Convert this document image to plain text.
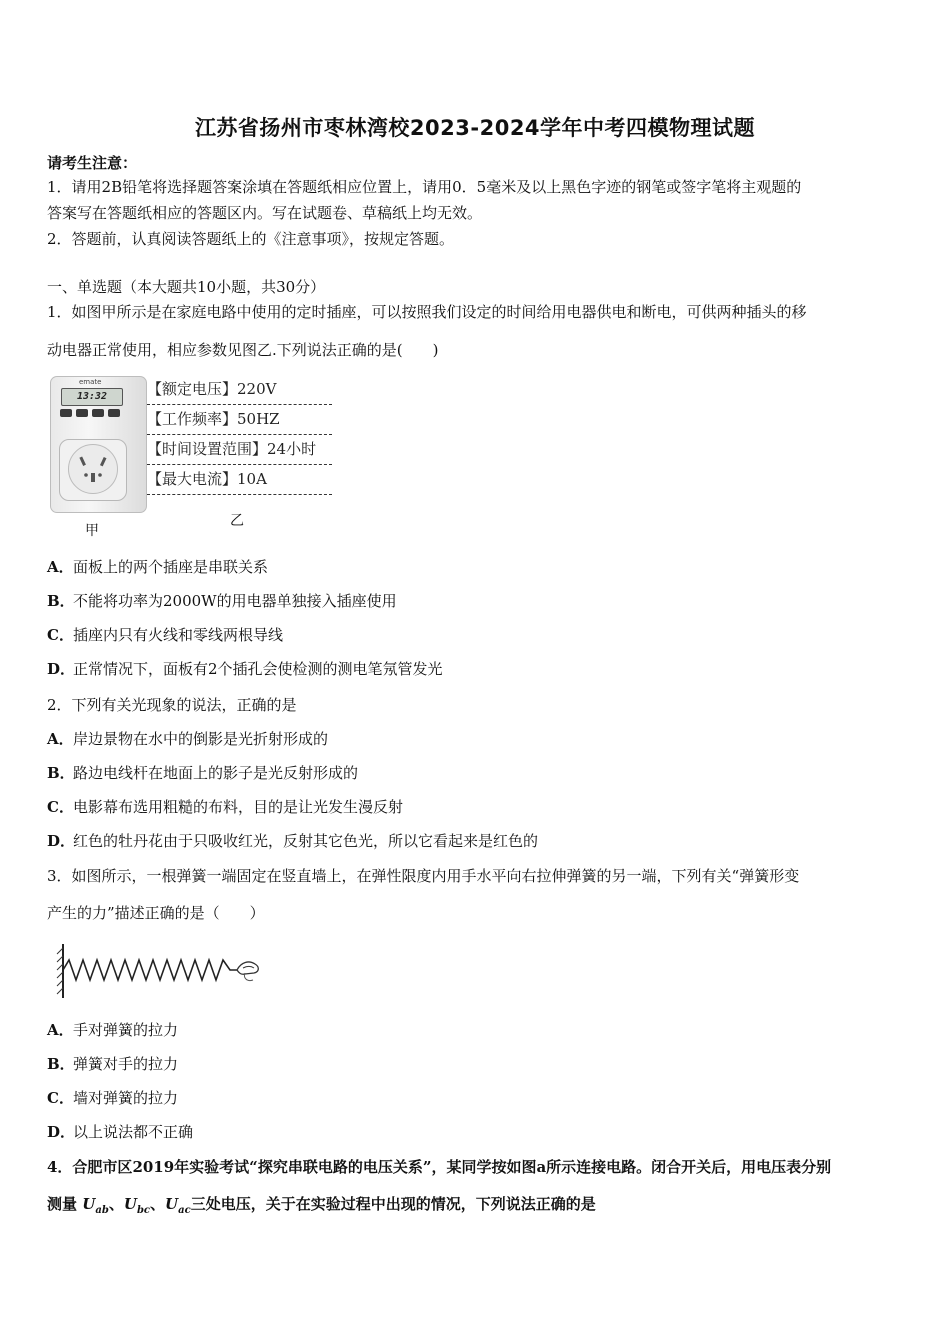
江苏省扬州市枣林湾校2023-2024学年中考四模物理试题
请考生注意：
1．请用2B铅笔将选择题答案涂填在答题纸相应位置上，请用0．5毫米及以上黑色字迹的钢笔或签字笔将主观题的
答案写在答题纸相应的答题区内。写在试题卷、草稿纸上均无效。
2．答题前，认真阅读答题纸上的《注意事项》，按规定答题。
一、单选题（本大题共10小题，共30分）
1．如图甲所示是在家庭电路中使用的定时插座，可以按照我们设定的时间给用电器供电和断电，可供两种插头的移
动电器正常使用，相应参数见图乙.下列说法正确的是(　　)
emate
13:32
甲
乙
【额定电压】220V
【工作频率】50HZ
【时间设置范围】24小时
【最大电流】10A
A．面板上的两个插座是串联关系
B．不能将功率为2000W的用电器单独接入插座使用
C．插座内只有火线和零线两根导线
D．正常情况下，面板有2个插孔会使检测的测电笔氖管发光
2．下列有关光现象的说法，正确的是
A．岸边景物在水中的倒影是光折射形成的
B．路边电线杆在地面上的影子是光反射形成的
C．电影幕布选用粗糙的布料，目的是让光发生漫反射
D．红色的牡丹花由于只吸收红光，反射其它色光，所以它看起来是红色的
3．如图所示，一根弹簧一端固定在竖直墙上，在弹性限度内用手水平向右拉伸弹簧的另一端，下列有关“弹簧形变
产生的力”描述正确的是（　　）
A．手对弹簧的拉力
B．弹簧对手的拉力
C．墙对弹簧的拉力
D．以上说法都不正确
4．合肥市区2019年实验考试“探究串联电路的电压关系”，某同学按如图a所示连接电路。闭合开关后，用电压表分别
测量 $U_{ab}$、$U_{bc}$、$U_{ac}$三处电压，关于在实验过程中出现的情况，下列说法正确的是
